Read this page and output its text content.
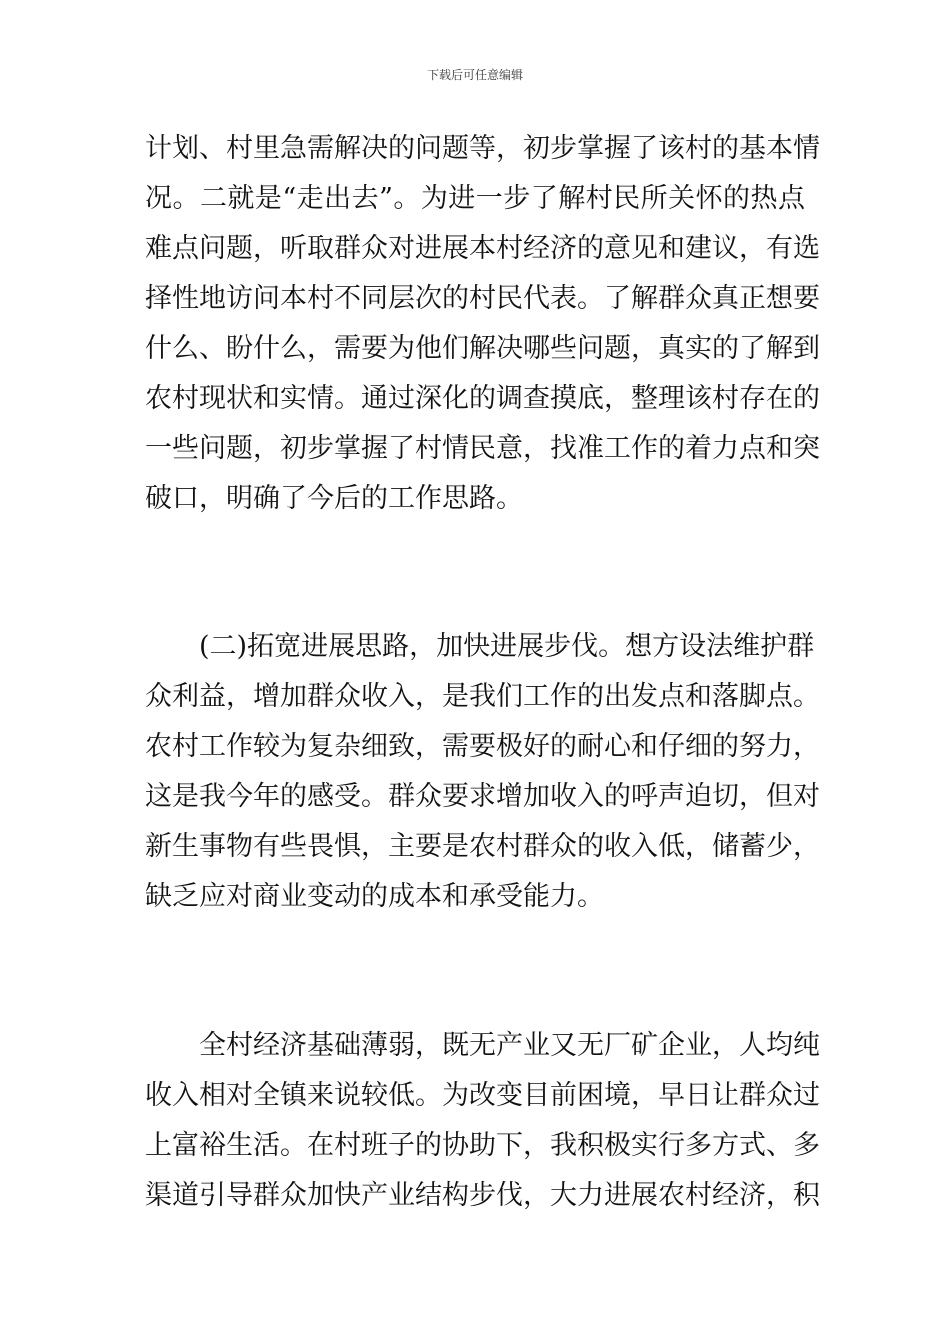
下载后可任意编辑
计划、村里急需解决的问题等，初步掌握了该村的基本情
况。二就是“走出去”。为进一步了解村民所关怀的热点
难点问题，听取群众对进展本村经济的意见和建议，有选
择性地访问本村不同层次的村民代表。了解群众真正想要
什么、盼什么，需要为他们解决哪些问题，真实的了解到
农村现状和实情。通过深化的调查摸底，整理该村存在的
一些问题，初步掌握了村情民意，找准工作的着力点和突
破口，明确了今后的工作思路。
(二)拓宽进展思路，加快进展步伐。想方设法维护群
众利益，增加群众收入，是我们工作的出发点和落脚点。
农村工作较为复杂细致，需要极好的耐心和仔细的努力，
这是我今年的感受。群众要求增加收入的呼声迫切，但对
新生事物有些畏惧，主要是农村群众的收入低，储蓄少，
缺乏应对商业变动的成本和承受能力。
全村经济基础薄弱，既无产业又无厂矿企业，人均纯
收入相对全镇来说较低。为改变目前困境，早日让群众过
上富裕生活。在村班子的协助下，我积极实行多方式、多
渠道引导群众加快产业结构步伐，大力进展农村经济，积
